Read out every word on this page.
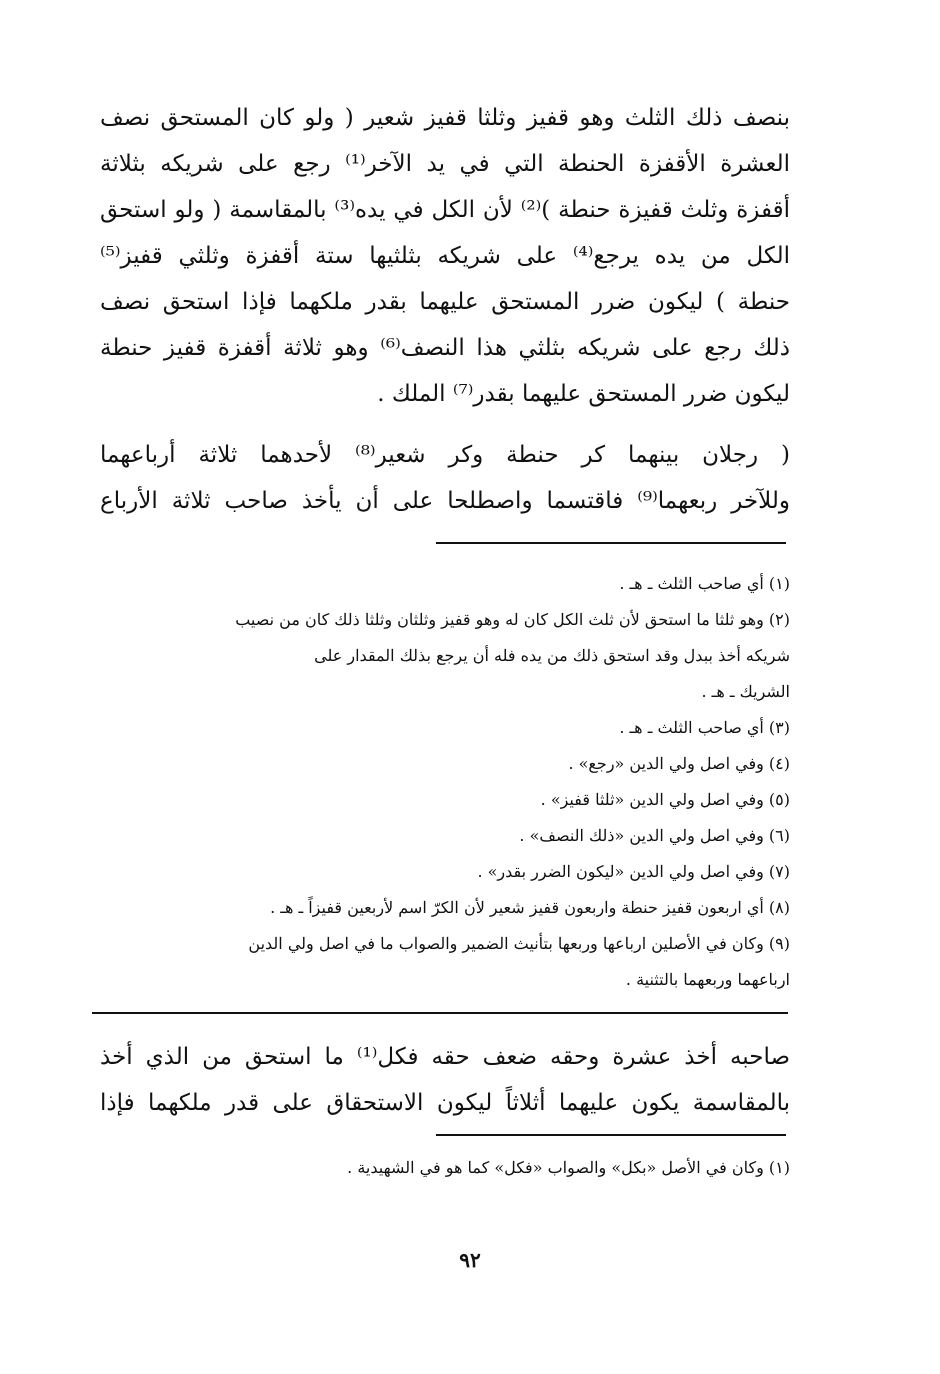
بنصف ذلك الثلث وهو قفيز وثلثا قفيز شعير ( ولو كان المستحق نصف
العشرة الأقفزة الحنطة التي في يد الآخر⁽¹⁾ رجع على شريكه بثلاثة
أقفزة وثلث قفيزة حنطة )⁽²⁾ لأن الكل في يده⁽³⁾ بالمقاسمة ( ولو استحق
الكل من يده يرجع⁽⁴⁾ على شريكه بثلثيها ستة أقفزة وثلثي قفيز⁽⁵⁾
حنطة ) ليكون ضرر المستحق عليهما بقدر ملكهما فإذا استحق نصف
ذلك رجع على شريكه بثلثي هذا النصف⁽⁶⁾ وهو ثلاثة أقفزة قفيز حنطة
ليكون ضرر المستحق عليهما بقدر⁽⁷⁾ الملك .
( رجلان بينهما كر حنطة وكر شعير⁽⁸⁾ لأحدهما ثلاثة أرباعهما
وللآخر ربعهما⁽⁹⁾ فاقتسما واصطلحا على أن يأخذ صاحب ثلاثة الأرباع
(١) أي صاحب الثلث ـ هـ .
(٢) وهو ثلثا ما استحق لأن ثلث الكل كان له وهو قفيز وثلثان وثلثا ذلك كان من نصيب
شريكه أخذ ببدل وقد استحق ذلك من يده فله أن يرجع بذلك المقدار على
الشريك ـ هـ .
(٣) أي صاحب الثلث ـ هـ .
(٤) وفي اصل ولي الدين «رجع» .
(٥) وفي اصل ولي الدين «ثلثا قفيز» .
(٦) وفي اصل ولي الدين «ذلك النصف» .
(٧) وفي اصل ولي الدين «ليكون الضرر بقدر» .
(٨) أي اربعون قفيز حنطة واربعون قفيز شعير لأن الكرّ اسم لأربعين قفيزاً ـ هـ .
(٩) وكان في الأصلين ارباعها وربعها بتأنيث الضمير والصواب ما في اصل ولي الدين
ارباعهما وربعهما بالتثنية .
صاحبه أخذ عشرة وحقه ضعف حقه فكل⁽¹⁾ ما استحق من الذي أخذ
بالمقاسمة يكون عليهما أثلاثاً ليكون الاستحقاق على قدر ملكهما فإذا
(١) وكان في الأصل «بكل» والصواب «فكل» كما هو في الشهيدية .
٩٢
